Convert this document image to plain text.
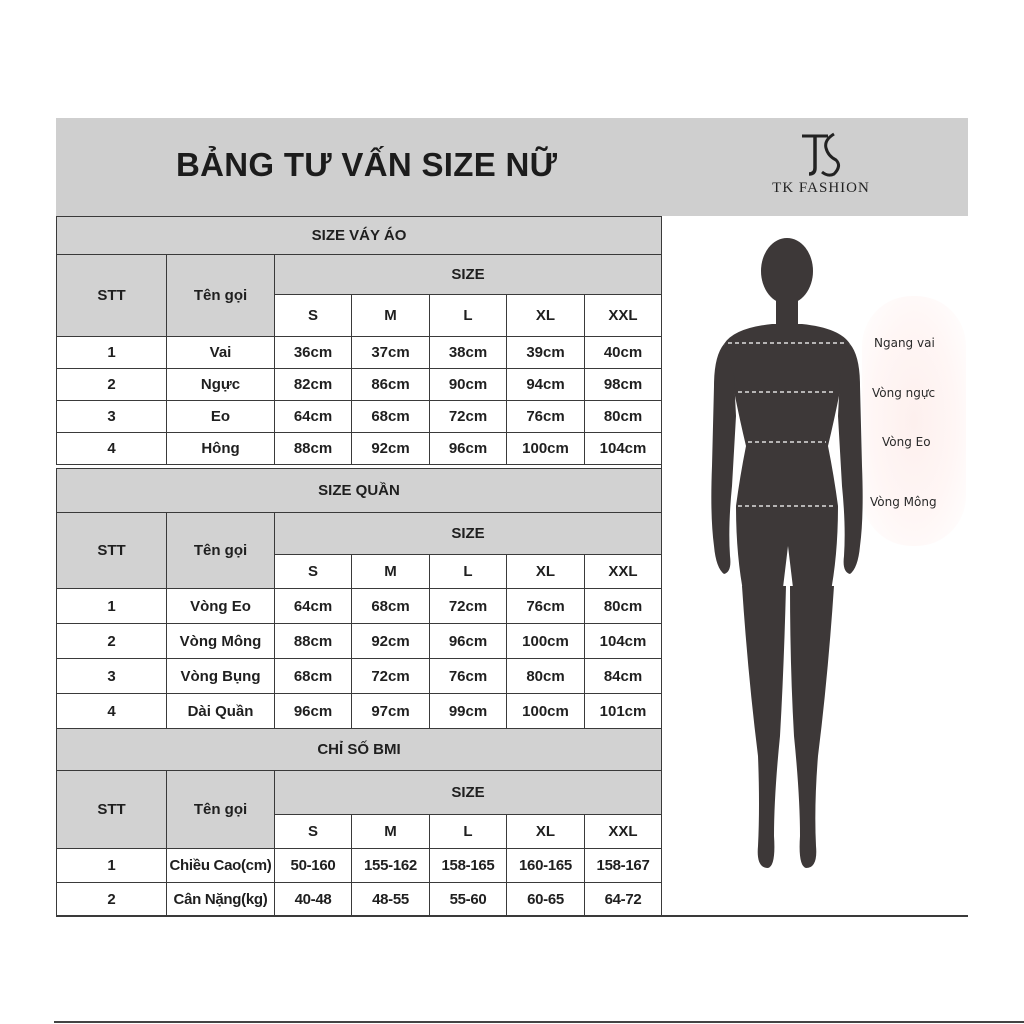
BẢNG TƯ VẤN SIZE NỮ
TK FASHION
SIZE VÁY ÁO						
STT	Tên gọi	SIZE				
		S	M	L	XL	XXL
1	Vai	36cm	37cm	38cm	39cm	40cm
2	Ngực	82cm	86cm	90cm	94cm	98cm
3	Eo	64cm	68cm	72cm	76cm	80cm
4	Hông	88cm	92cm	96cm	100cm	104cm
SIZE QUẦN						
STT	Tên gọi	SIZE				
		S	M	L	XL	XXL
1	Vòng Eo	64cm	68cm	72cm	76cm	80cm
2	Vòng Mông	88cm	92cm	96cm	100cm	104cm
3	Vòng Bụng	68cm	72cm	76cm	80cm	84cm
4	Dài Quần	96cm	97cm	99cm	100cm	101cm
CHỈ SỐ BMI						
STT	Tên gọi	SIZE				
		S	M	L	XL	XXL
1	Chiều Cao(cm)	50-160	155-162	158-165	160-165	158-167
2	Cân Nặng(kg)	40-48	48-55	55-60	60-65	64-72
Ngang vai
Vòng ngực
Vòng Eo
Vòng Mông
